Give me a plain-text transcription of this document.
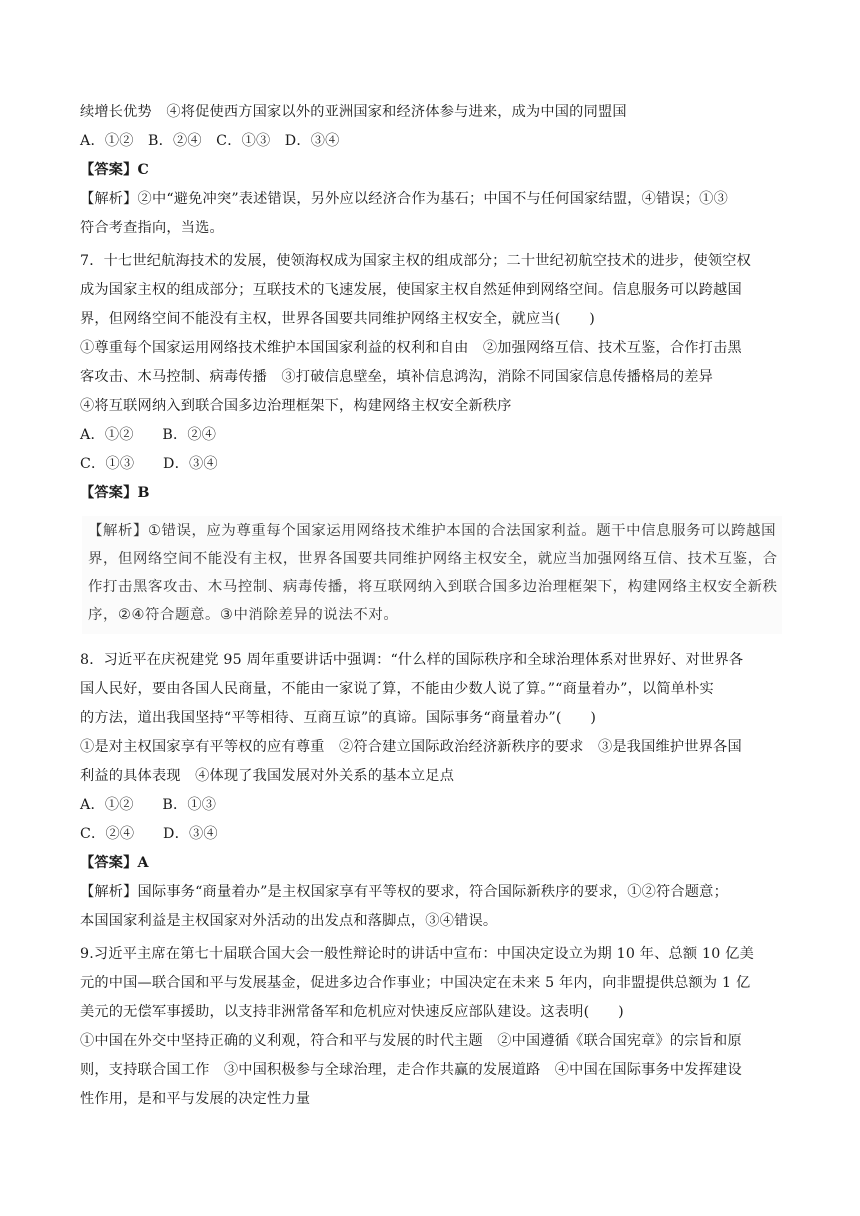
续增长优势　④将促使西方国家以外的亚洲国家和经济体参与进来，成为中国的同盟国
A．①②　B．②④　C．①③　D．③④
【答案】C
【解析】②中“避免冲突”表述错误，另外应以经济合作为基石；中国不与任何国家结盟，④错误；①③
符合考查指向，当选。
7．十七世纪航海技术的发展，使领海权成为国家主权的组成部分；二十世纪初航空技术的进步，使领空权
成为国家主权的组成部分；互联技术的飞速发展，使国家主权自然延伸到网络空间。信息服务可以跨越国
界，但网络空间不能没有主权，世界各国要共同维护网络主权安全，就应当(　　)
①尊重每个国家运用网络技术维护本国国家利益的权利和自由　②加强网络互信、技术互鉴，合作打击黑
客攻击、木马控制、病毒传播　③打破信息壁垒，填补信息鸿沟，消除不同国家信息传播格局的差异
④将互联网纳入到联合国多边治理框架下，构建网络主权安全新秩序
A．①②　　B．②④
C．①③　　D．③④
【答案】B
【解析】①错误，应为尊重每个国家运用网络技术维护本国的合法国家利益。题干中信息服务可以跨越国
界，但网络空间不能没有主权，世界各国要共同维护网络主权安全，就应当加强网络互信、技术互鉴，合
作打击黑客攻击、木马控制、病毒传播，将互联网纳入到联合国多边治理框架下，构建网络主权安全新秩
序，②④符合题意。③中消除差异的说法不对。
8．习近平在庆祝建党 95 周年重要讲话中强调：“什么样的国际秩序和全球治理体系对世界好、对世界各
国人民好，要由各国人民商量，不能由一家说了算，不能由少数人说了算。”“商量着办”，以简单朴实
的方法，道出我国坚持“平等相待、互商互谅”的真谛。国际事务“商量着办”(　　)
①是对主权国家享有平等权的应有尊重　②符合建立国际政治经济新秩序的要求　③是我国维护世界各国
利益的具体表现　④体现了我国发展对外关系的基本立足点
A．①②　　B．①③
C．②④　　D．③④
【答案】A
【解析】国际事务“商量着办”是主权国家享有平等权的要求，符合国际新秩序的要求，①②符合题意；
本国国家利益是主权国家对外活动的出发点和落脚点，③④错误。
9.习近平主席在第七十届联合国大会一般性辩论时的讲话中宣布：中国决定设立为期 10 年、总额 10 亿美
元的中国—联合国和平与发展基金，促进多边合作事业；中国决定在未来 5 年内，向非盟提供总额为 1 亿
美元的无偿军事援助，以支持非洲常备军和危机应对快速反应部队建设。这表明(　　)
①中国在外交中坚持正确的义利观，符合和平与发展的时代主题　②中国遵循《联合国宪章》的宗旨和原
则，支持联合国工作　③中国积极参与全球治理，走合作共赢的发展道路　④中国在国际事务中发挥建设
性作用，是和平与发展的决定性力量
